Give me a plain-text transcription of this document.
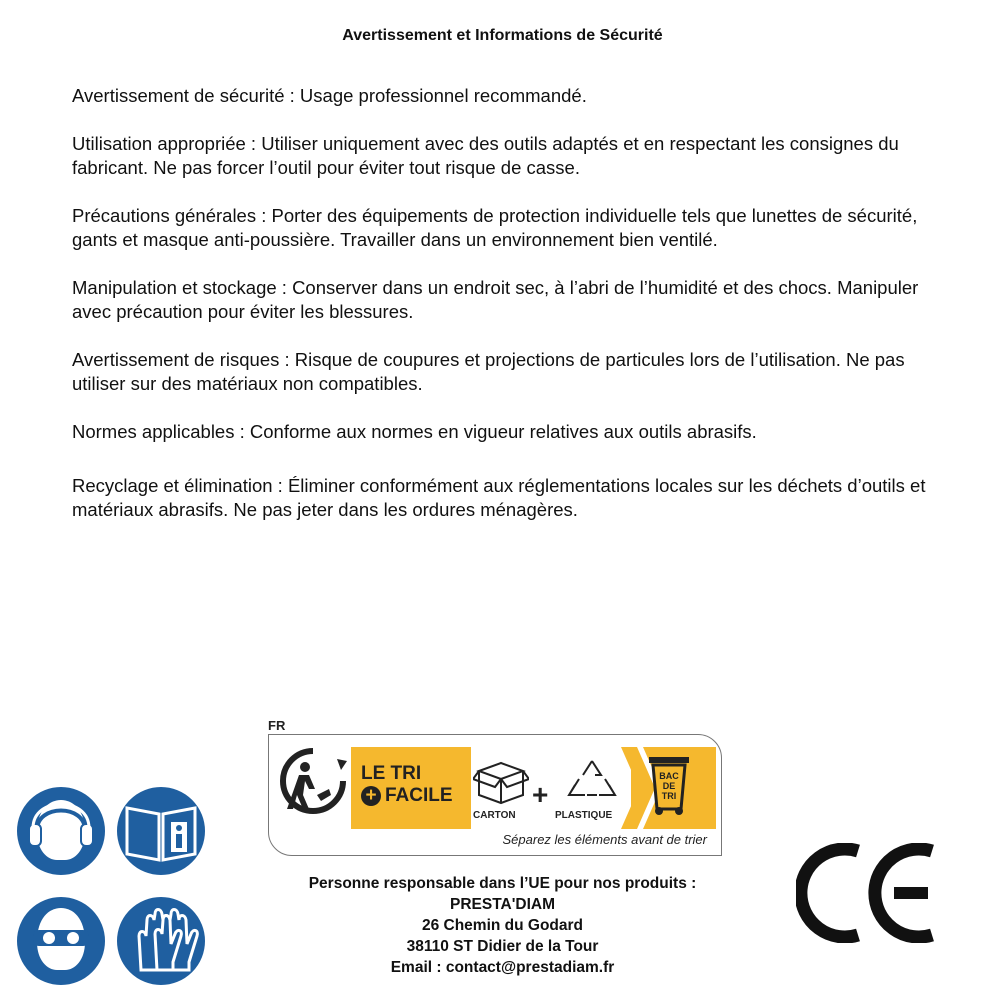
Avertissement et Informations de Sécurité

Avertissement de sécurité : Usage professionnel recommandé.

Utilisation appropriée : Utiliser uniquement avec des outils adaptés et en respectant les consignes du fabricant. Ne pas forcer l’outil pour éviter tout risque de casse.

Précautions générales : Porter des équipements de protection individuelle tels que lunettes de sécurité, gants et masque anti-poussière. Travailler dans un environnement bien ventilé.

Manipulation et stockage : Conserver dans un endroit sec, à l’abri de l’humidité et des chocs. Manipuler avec précaution pour éviter les blessures.

Avertissement de risques : Risque de coupures et projections de particules lors de l’utilisation. Ne pas utiliser sur des matériaux non compatibles.

Normes applicables : Conforme aux normes en vigueur relatives aux outils abrasifs.

Recyclage et élimination : Éliminer conformément aux réglementations locales sur les déchets d’outils et matériaux abrasifs. Ne pas jeter dans les ordures ménagères.

FR
LE TRI
+ FACILE
CARTON
+
PLASTIQUE
BAC
DE
TRI
Séparez les éléments avant de trier
Personne responsable dans l’UE pour nos produits :
PRESTA'DIAM
26 Chemin du Godard
38110 ST Didier de la Tour
Email : contact@prestadiam.fr
